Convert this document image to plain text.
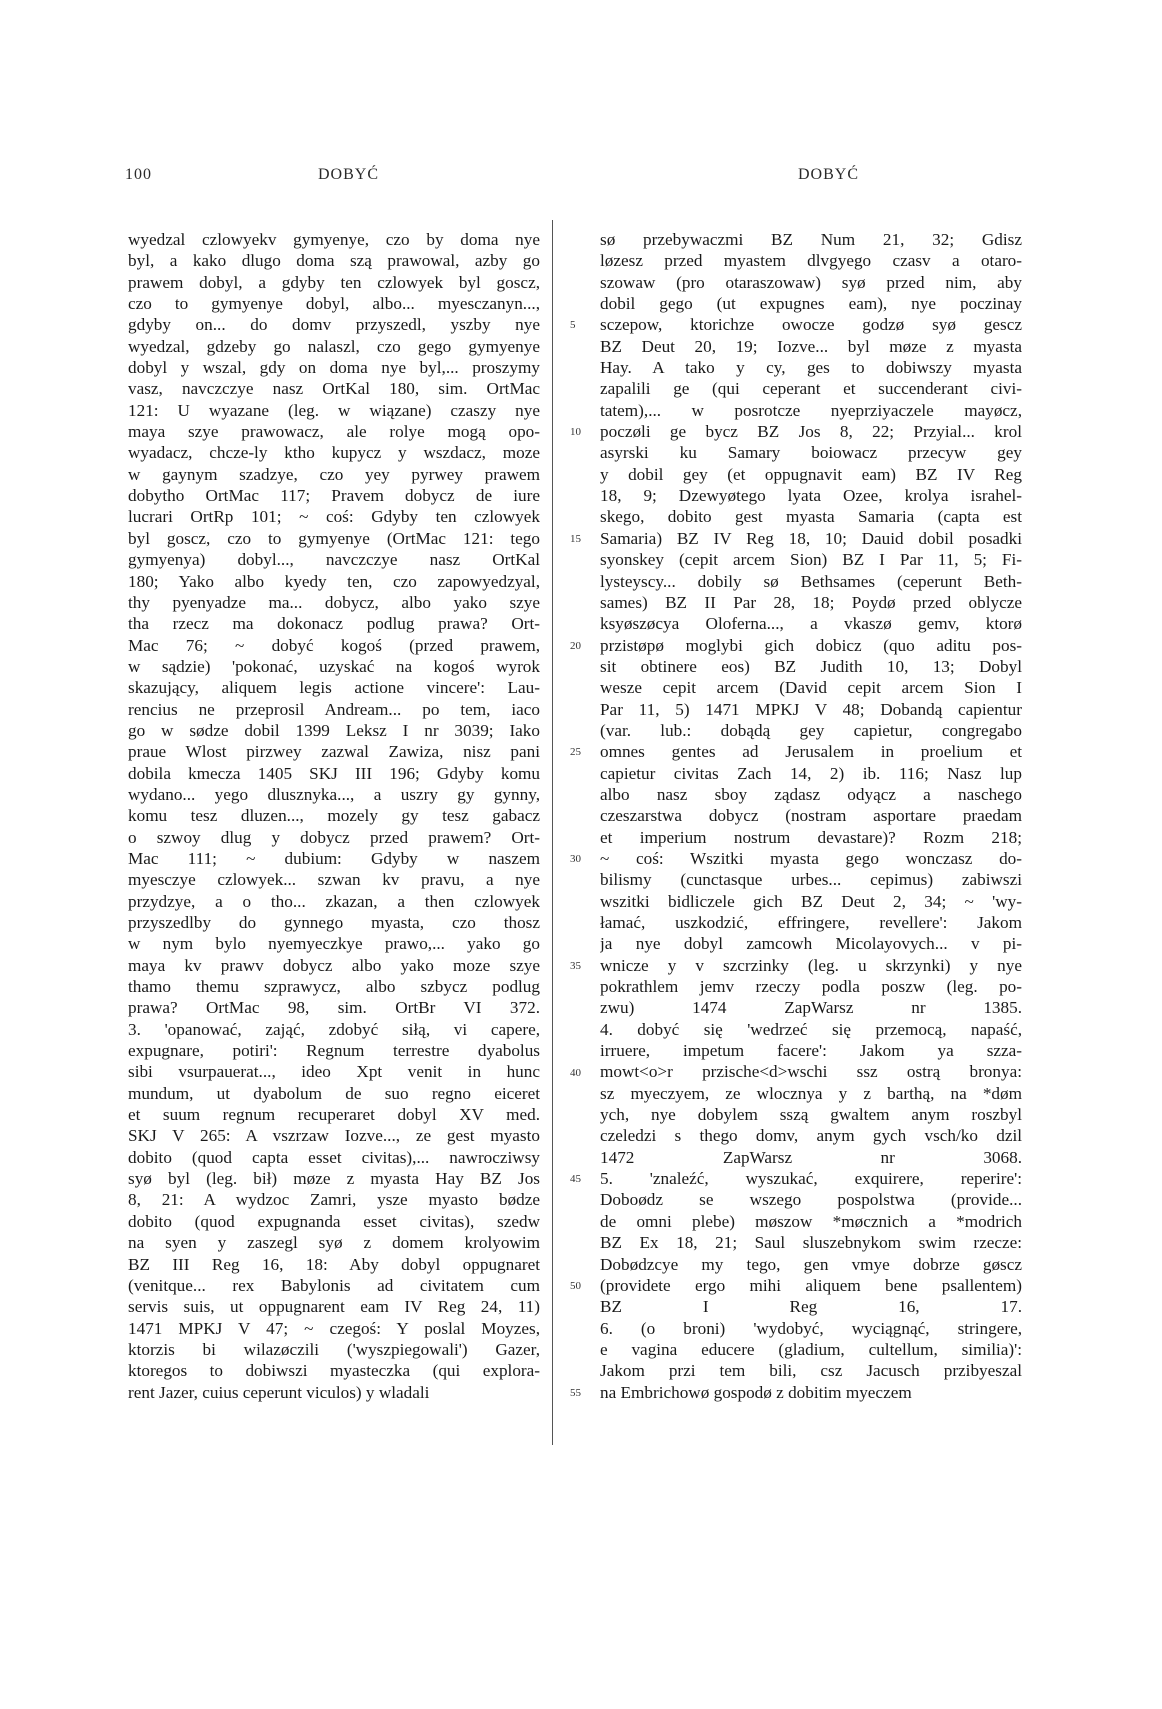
100	DOBYĆ	DOBYĆ
wyedzal czlowyekv gymyenye, czo by doma nye
byl, a kako dlugo doma szą prawowal, azby go
prawem dobyl, a gdyby ten czlowyek byl goscz,
czo to gymyenye dobyl, albo... myesczanyn...,
gdyby on... do domv przyszedl, yszby nye
wyedzal, gdzeby go nalaszl, czo gego gymyenye
dobyl y wszal, gdy on doma nye byl,... proszymy
vasz, navczczye nasz OrtKal 180, sim. OrtMac
121: U wyazane (leg. w wiązane) czaszy nye
maya szye prawowacz, ale rolye mogą opo-
wyadacz, chcze-ly ktho kupycz y wszdacz, moze
w gaynym szadzye, czo yey pyrwey prawem
dobytho OrtMac 117; Pravem dobycz de iure
lucrari OrtRp 101; ~ coś: Gdyby ten czlowyek
byl goscz, czo to gymyenye (OrtMac 121: tego
gymyenya) dobyl..., navczczye nasz OrtKal
180; Yako albo kyedy ten, czo zapowyedzyal,
thy pyenyadze ma... dobycz, albo yako szye
tha rzecz ma dokonacz podlug prawa? Ort-
Mac 76; ~ dobyć kogoś (przed prawem,
w sądzie) 'pokonać, uzyskać na kogoś wyrok
skazujący, aliquem legis actione vincere': Lau-
rencius ne przeprosil Andream... po tem, iaco
go w sødze dobil 1399 Leksz I nr 3039; Iako
praue Wlost pirzwey zazwal Zawiza, nisz pani
dobila kmecza 1405 SKJ III 196; Gdyby komu
wydano... yego dlusznyka..., a uszry gy gynny,
komu tesz dluzen..., mozely gy tesz gabacz
o szwoy dlug y dobycz przed prawem? Ort-
Mac 111; ~ dubium: Gdyby w naszem
myesczye czlowyek... szwan kv pravu, a nye
przydzye, a o tho... zkazan, a then czlowyek
przyszedlby do gynnego myasta, czo thosz
w nym bylo nyemyeczkye prawo,... yako go
maya kv prawv dobycz albo yako moze szye
thamo themu szprawycz, albo szbycz podlug
prawa? OrtMac 98, sim. OrtBr VI 372.
3. 'opanować, zająć, zdobyć siłą, vi capere,
expugnare, potiri': Regnum terrestre dyabolus
sibi vsurpauerat..., ideo Xpt venit in hunc
mundum, ut dyabolum de suo regno eiceret
et suum regnum recuperaret dobyl XV med.
SKJ V 265: A vszrzaw Iozve..., ze gest myasto
dobito (quod capta esset civitas),... nawrocziwsy
syø byl (leg. bił) møze z myasta Hay BZ Jos
8, 21: A wydzoc Zamri, ysze myasto bødze
dobito (quod expugnanda esset civitas), szedw
na syen y zaszegl syø z domem krolyowim
BZ III Reg 16, 18: Aby dobyl oppugnaret
(venitque... rex Babylonis ad civitatem cum
servis suis, ut oppugnarent eam IV Reg 24, 11)
1471 MPKJ V 47; ~ czegoś: Y poslal Moyzes,
ktorzis bi wilazøczili ('wyszpiegowali') Gazer,
ktoregos to dobiwszi myasteczka (qui explora-
rent Jazer, cuius ceperunt viculos) y wladali
sø przebywaczmi BZ Num 21, 32; Gdisz
løzesz przed myastem dlvgyego czasv a otaro-
szowaw (pro otaraszowaw) syø przed nim, aby
dobil gego (ut expugnes eam), nye poczinay
sczepow, ktorichze owocze godzø syø gescz
BZ Deut 20, 19; Iozve... byl møze z myasta
Hay. A tako y cy, ges to dobiwszy myasta
zapalili ge (qui ceperant et succenderant civi-
tatem),... w posrotcze nyeprziyaczele mayøcz,
poczøli ge bycz BZ Jos 8, 22; Przyial... krol
asyrski ku Samary boiowacz przecyw gey
y dobil gey (et oppugnavit eam) BZ IV Reg
18, 9; Dzewyøtego lyata Ozee, krolya israhel-
skego, dobito gest myasta Samaria (capta est
Samaria) BZ IV Reg 18, 10; Dauid dobil posadki
syonskey (cepit arcem Sion) BZ I Par 11, 5; Fi-
lysteyscy... dobily sø Bethsames (ceperunt Beth-
sames) BZ II Par 28, 18; Poydø przed oblycze
ksyøszøcya Oloferna..., a vkaszø gemv, ktorø
przistøpø moglybi gich dobicz (quo aditu pos-
sit obtinere eos) BZ Judith 10, 13; Dobyl
wesze cepit arcem (David cepit arcem Sion I
Par 11, 5) 1471 MPKJ V 48; Dobandą capientur
(var. lub.: dobądą gey capietur, congregabo
omnes gentes ad Jerusalem in proelium et
capietur civitas Zach 14, 2) ib. 116; Nasz lup
albo nasz sboy ządasz odyącz a naschego
czeszarstwa dobycz (nostram asportare praedam
et imperium nostrum devastare)? Rozm 218;
~ coś: Wszitki myasta gego wonczasz do-
bilismy (cunctasque urbes... cepimus) zabiwszi
wszitki bidliczele gich BZ Deut 2, 34; ~ 'wy-
łamać, uszkodzić, effringere, revellere': Jakom
ja nye dobyl zamcowh Micolayovych... v pi-
wnicze y v szcrzinky (leg. u skrzynki) y nye
pokrathlem jemv rzeczy podla poszw (leg. po-
zwu) 1474 ZapWarsz nr 1385.
4. dobyć się 'wedrzeć się przemocą, napaść,
irruere, impetum facere': Jakom ya szza-
mowt<o>r przische<d>wschi ssz ostrą bronya:
sz myeczyem, ze wlocznya y z barthą, na *døm
ych, nye dobylem sszą gwaltem anym roszbyl
czeledzi s thego domv, anym gych vsch/ko dzil
1472 ZapWarsz nr 3068.
5. 'znaleźć, wyszukać, exquirere, reperire':
Doboødz se wszego pospolstwa (provide...
de omni plebe) møszow *møcznich a *modrich
BZ Ex 18, 21; Saul sluszebnykom swim rzecze:
Dobødzcye my tego, gen vmye dobrze gøscz
(providete ergo mihi aliquem bene psallentem)
BZ I Reg 16, 17.
6. (o broni) 'wydobyć, wyciągnąć, stringere,
e vagina educere (gladium, cultellum, similia)':
Jakom przi tem bili, csz Jacusch przibyeszal
na Embrichowø gospodø z dobitim myeczem
5
10
15
20
25
30
35
40
45
50
55
